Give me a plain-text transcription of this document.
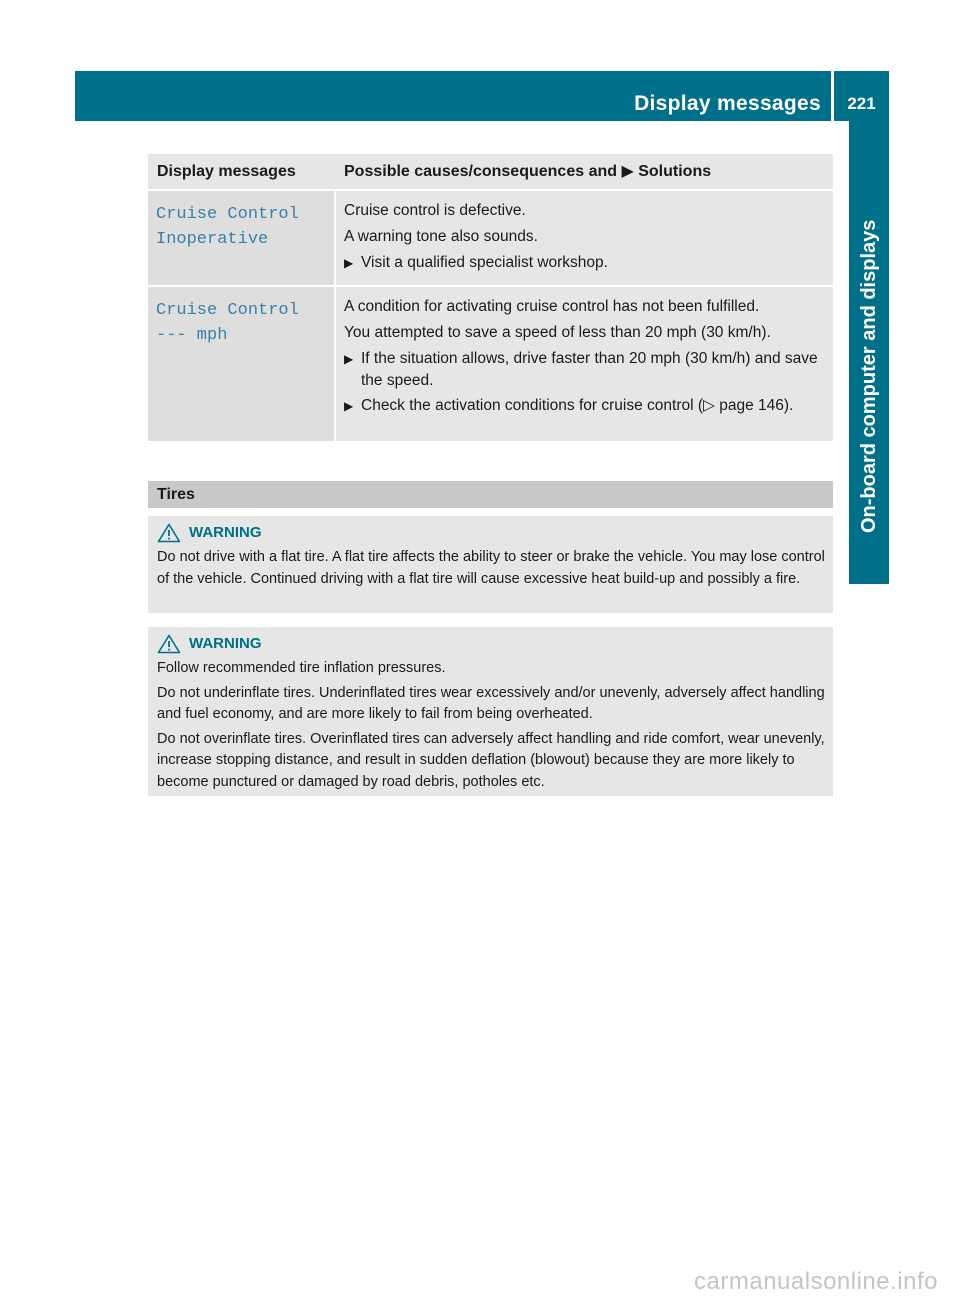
Display messages	221
On-board computer and displays
Display messages	Possible causes/consequences and ▶ Solutions
Cruise Control
Inoperative

Cruise control is defective.

A warning tone also sounds.

▶ Visit a qualified specialist workshop.
Cruise Control
--- mph

A condition for activating cruise control has not been fulfilled.

You attempted to save a speed of less than 20 mph (30 km/h).

▶ If the situation allows, drive faster than 20 mph (30 km/h) and save the speed.
▶ Check the activation conditions for cruise control (▷ page 146).
Tires
WARNING

Do not drive with a flat tire. A flat tire affects the ability to steer or brake the vehicle. You may lose control of the vehicle. Continued driving with a flat tire will cause excessive heat build-up and possibly a fire.

WARNING

Follow recommended tire inflation pressures.

Do not underinflate tires. Underinflated tires wear excessively and/or unevenly, adversely affect handling and fuel economy, and are more likely to fail from being overheated.

Do not overinflate tires. Overinflated tires can adversely affect handling and ride comfort, wear unevenly, increase stopping distance, and result in sudden deflation (blowout) because they are more likely to become punctured or damaged by road debris, potholes etc.

carmanualsonline.info
